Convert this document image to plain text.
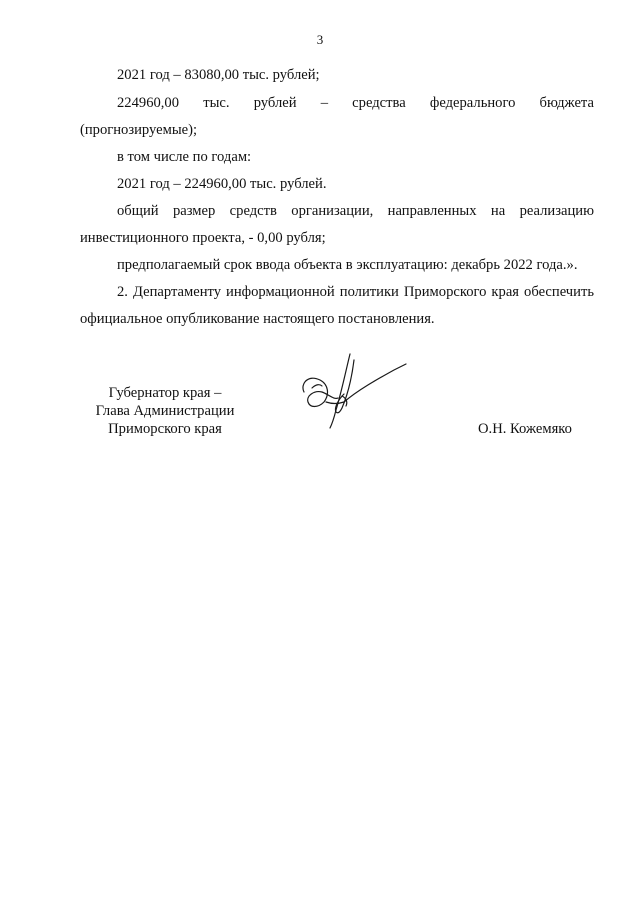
3
2021 год – 83080,00 тыс. рублей;
224960,00 тыс. рублей – средства федерального бюджета
(прогнозируемые);
в том числе по годам:
2021 год – 224960,00 тыс. рублей.
общий размер средств организации, направленных на реализацию
инвестиционного проекта, - 0,00 рубля;
предполагаемый срок ввода объекта в эксплуатацию: декабрь 2022 года.».
2. Департаменту информационной политики Приморского края обеспечить
официальное опубликование настоящего постановления.
Губернатор края –
Глава Администрации
Приморского края	О.Н. Кожемяко
